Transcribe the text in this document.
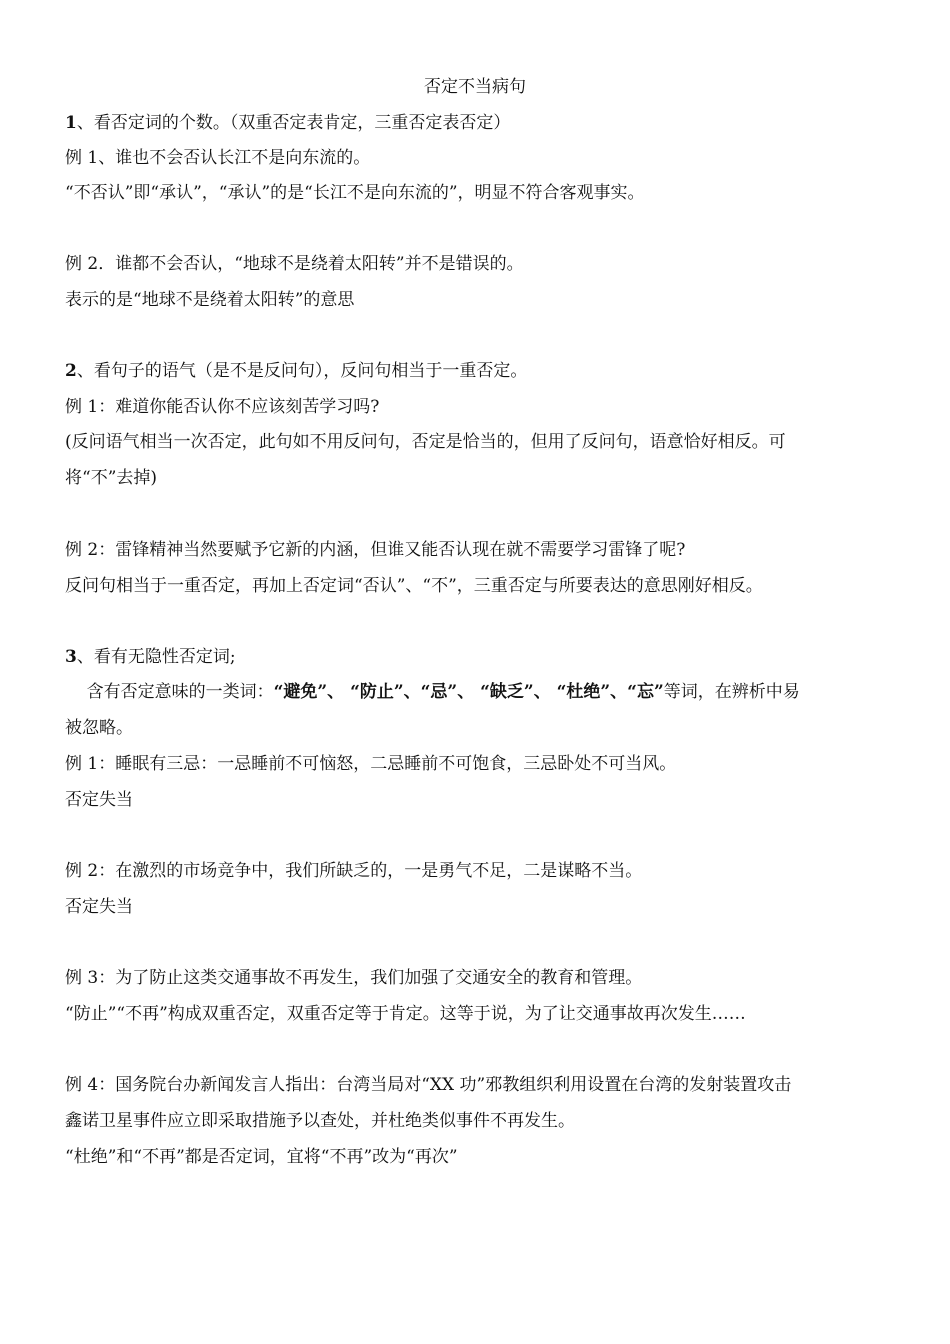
否定不当病句
1、看否定词的个数。（双重否定表肯定，三重否定表否定）
例 1、谁也不会否认长江不是向东流的。
“不否认”即“承认”，“承认”的是“长江不是向东流的”，明显不符合客观事实。
例 2．谁都不会否认，“地球不是绕着太阳转”并不是错误的。
表示的是“地球不是绕着太阳转”的意思
2、看句子的语气（是不是反问句），反问句相当于一重否定。
例 1：难道你能否认你不应该刻苦学习吗?
(反问语气相当一次否定，此句如不用反问句，否定是恰当的，但用了反问句，语意恰好相反。可
将“不”去掉)
例 2：雷锋精神当然要赋予它新的内涵，但谁又能否认现在就不需要学习雷锋了呢?
反问句相当于一重否定，再加上否定词“否认”、“不”，三重否定与所要表达的意思刚好相反。
3、看有无隐性否定词;
含有否定意味的一类词：“避免”、 “防止”、“忌”、 “缺乏”、 “杜绝”、“忘”等词，在辨析中易
被忽略。
例 1：睡眠有三忌：一忌睡前不可恼怒，二忌睡前不可饱食，三忌卧处不可当风。
否定失当
例 2：在激烈的市场竞争中，我们所缺乏的，一是勇气不足，二是谋略不当。
否定失当
例 3：为了防止这类交通事故不再发生，我们加强了交通安全的教育和管理。
“防止”“不再”构成双重否定，双重否定等于肯定。这等于说，为了让交通事故再次发生……
例 4：国务院台办新闻发言人指出：台湾当局对“XX 功”邪教组织利用设置在台湾的发射装置攻击
鑫诺卫星事件应立即采取措施予以查处，并杜绝类似事件不再发生。
“杜绝”和“不再”都是否定词，宜将“不再”改为“再次”
